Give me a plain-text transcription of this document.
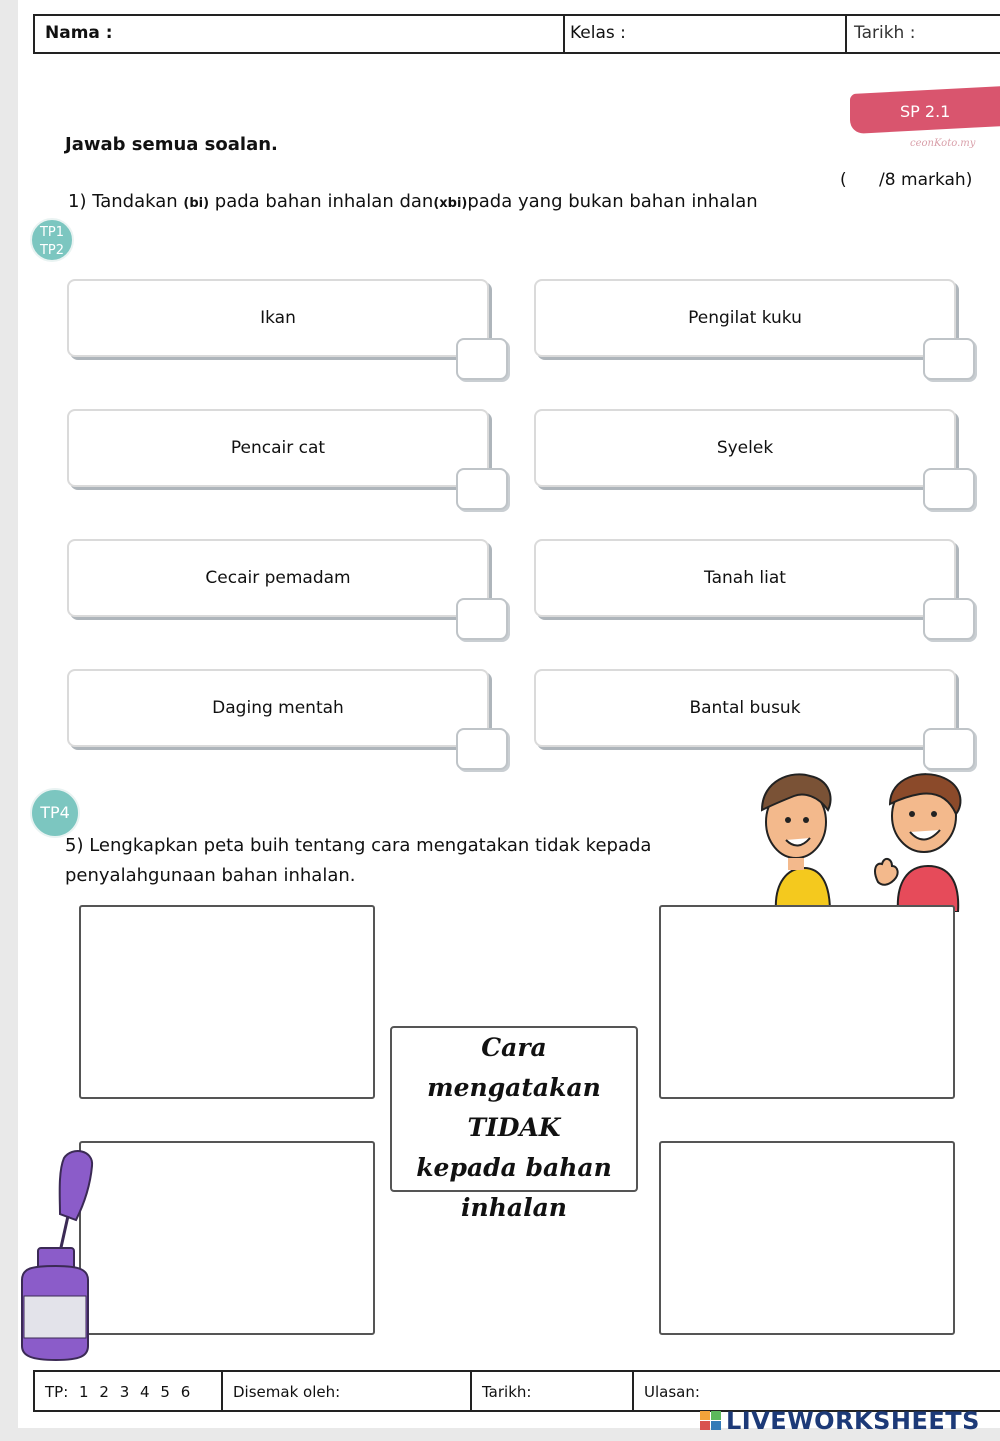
Nama :	Kelas :	Tarikh :
SP 2.1
ceonKoto.my
Jawab semua soalan.
(      /8 markah)
1) Tandakan (bi) pada bahan inhalan dan(xbi)pada yang bukan bahan inhalan
TP1
TP2
Ikan	Pengilat kuku
Pencair cat	Syelek
Cecair pemadam	Tanah liat
Daging mentah	Bantal busuk
TP4
5) Lengkapkan peta buih tentang cara mengatakan tidak kepada
penyalahgunaan bahan inhalan.
Cara mengatakan
TIDAK
kepada bahan
inhalan
TP: 1 2 3 4 5 6	Disemak oleh:	Tarikh:	Ulasan:
LIVEWORKSHEETS
